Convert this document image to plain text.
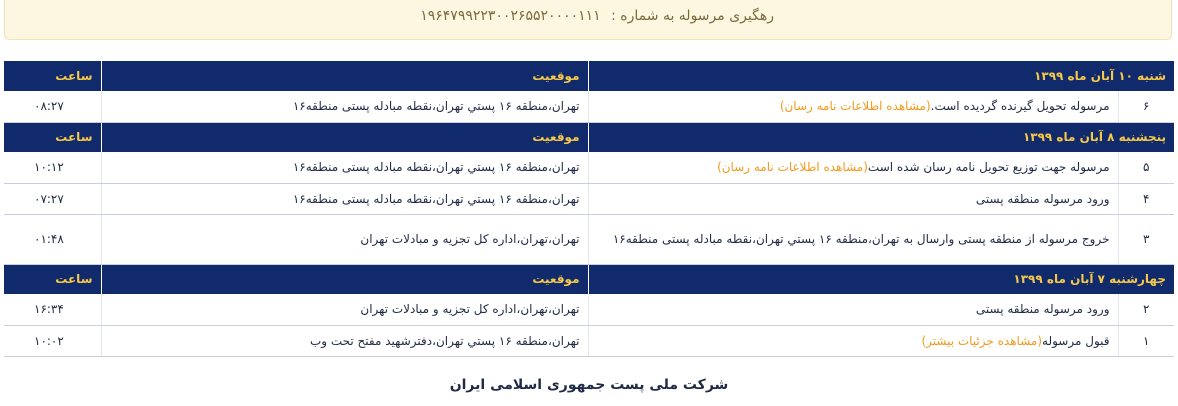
رهگیری مرسوله به شماره : ۱۹۶۴۷۹۹۲۲۳۰۰۲۶۵۵۲۰۰۰۰۱۱۱
شنبه ۱۰ آبان ماه ۱۳۹۹		موقعیت	ساعت
۶	مرسوله تحویل گیرنده گردیده است.(مشاهده اطلاعات نامه رسان)	تهران،منطقه ۱۶ پستي تهران،نقطه مبادله پستی منطقه۱۶	۰۸:۲۷
پنجشنبه ۸ آبان ماه ۱۳۹۹		موقعیت	ساعت
۵	مرسوله جهت توزیع تحویل نامه رسان شده است(مشاهده اطلاعات نامه رسان)	تهران،منطقه ۱۶ پستي تهران،نقطه مبادله پستی منطقه۱۶	۱۰:۱۲
۴	ورود مرسوله منطقه پستی	تهران،منطقه ۱۶ پستي تهران،نقطه مبادله پستی منطقه۱۶	۰۷:۲۷
۳	خروج مرسوله از منطقه پستی وارسال به تهران،منطقه ۱۶ پستي تهران،نقطه مبادله پستی منطقه۱۶	تهران،تهران،اداره کل تجزیه و مبادلات تهران	۰۱:۴۸
چهارشنبه ۷ آبان ماه ۱۳۹۹		موقعیت	ساعت
۲	ورود مرسوله منطقه پستی	تهران،تهران،اداره کل تجزیه و مبادلات تهران	۱۶:۳۴
۱	قبول مرسوله(مشاهده جزئیات بیشتر)	تهران،منطقه ۱۶ پستي تهران،دفترشهید مفتح تحت وب	۱۰:۰۲
شرکت ملی پست جمهوری اسلامی ایران
